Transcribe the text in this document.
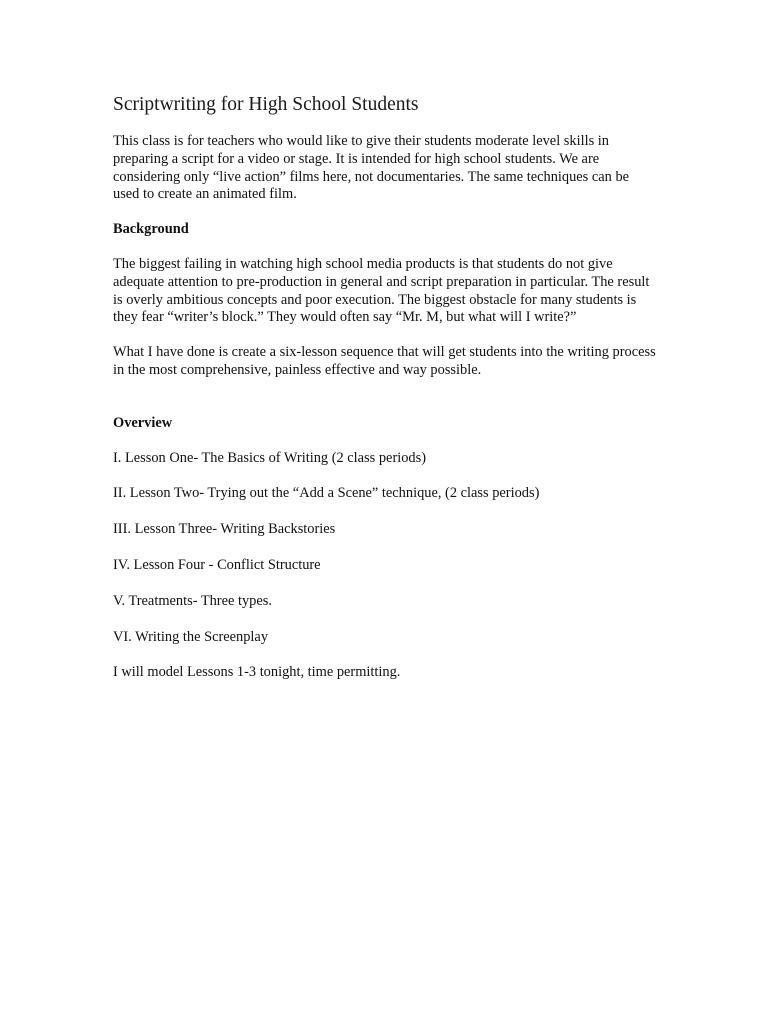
Scriptwriting for High School Students

This class is for teachers who would like to give their students moderate level skills in preparing a script for a video or stage. It is intended for high school students. We are considering only “live action” films here, not documentaries. The same techniques can be used to create an animated film.

Background

The biggest failing in watching high school media products is that students do not give adequate attention to pre-production in general and script preparation in particular. The result is overly ambitious concepts and poor execution. The biggest obstacle for many students is they fear “writer’s block.” They would often say “Mr. M, but what will I write?”

What I have done is create a six-lesson sequence that will get students into the writing process in the most comprehensive, painless effective and way possible.

Overview

I. Lesson One- The Basics of Writing (2 class periods)
II. Lesson Two- Trying out the “Add a Scene” technique, (2 class periods)
III. Lesson Three- Writing Backstories
IV. Lesson Four - Conflict Structure
V. Treatments- Three types.
VI. Writing the Screenplay

I will model Lessons 1-3 tonight, time permitting.
